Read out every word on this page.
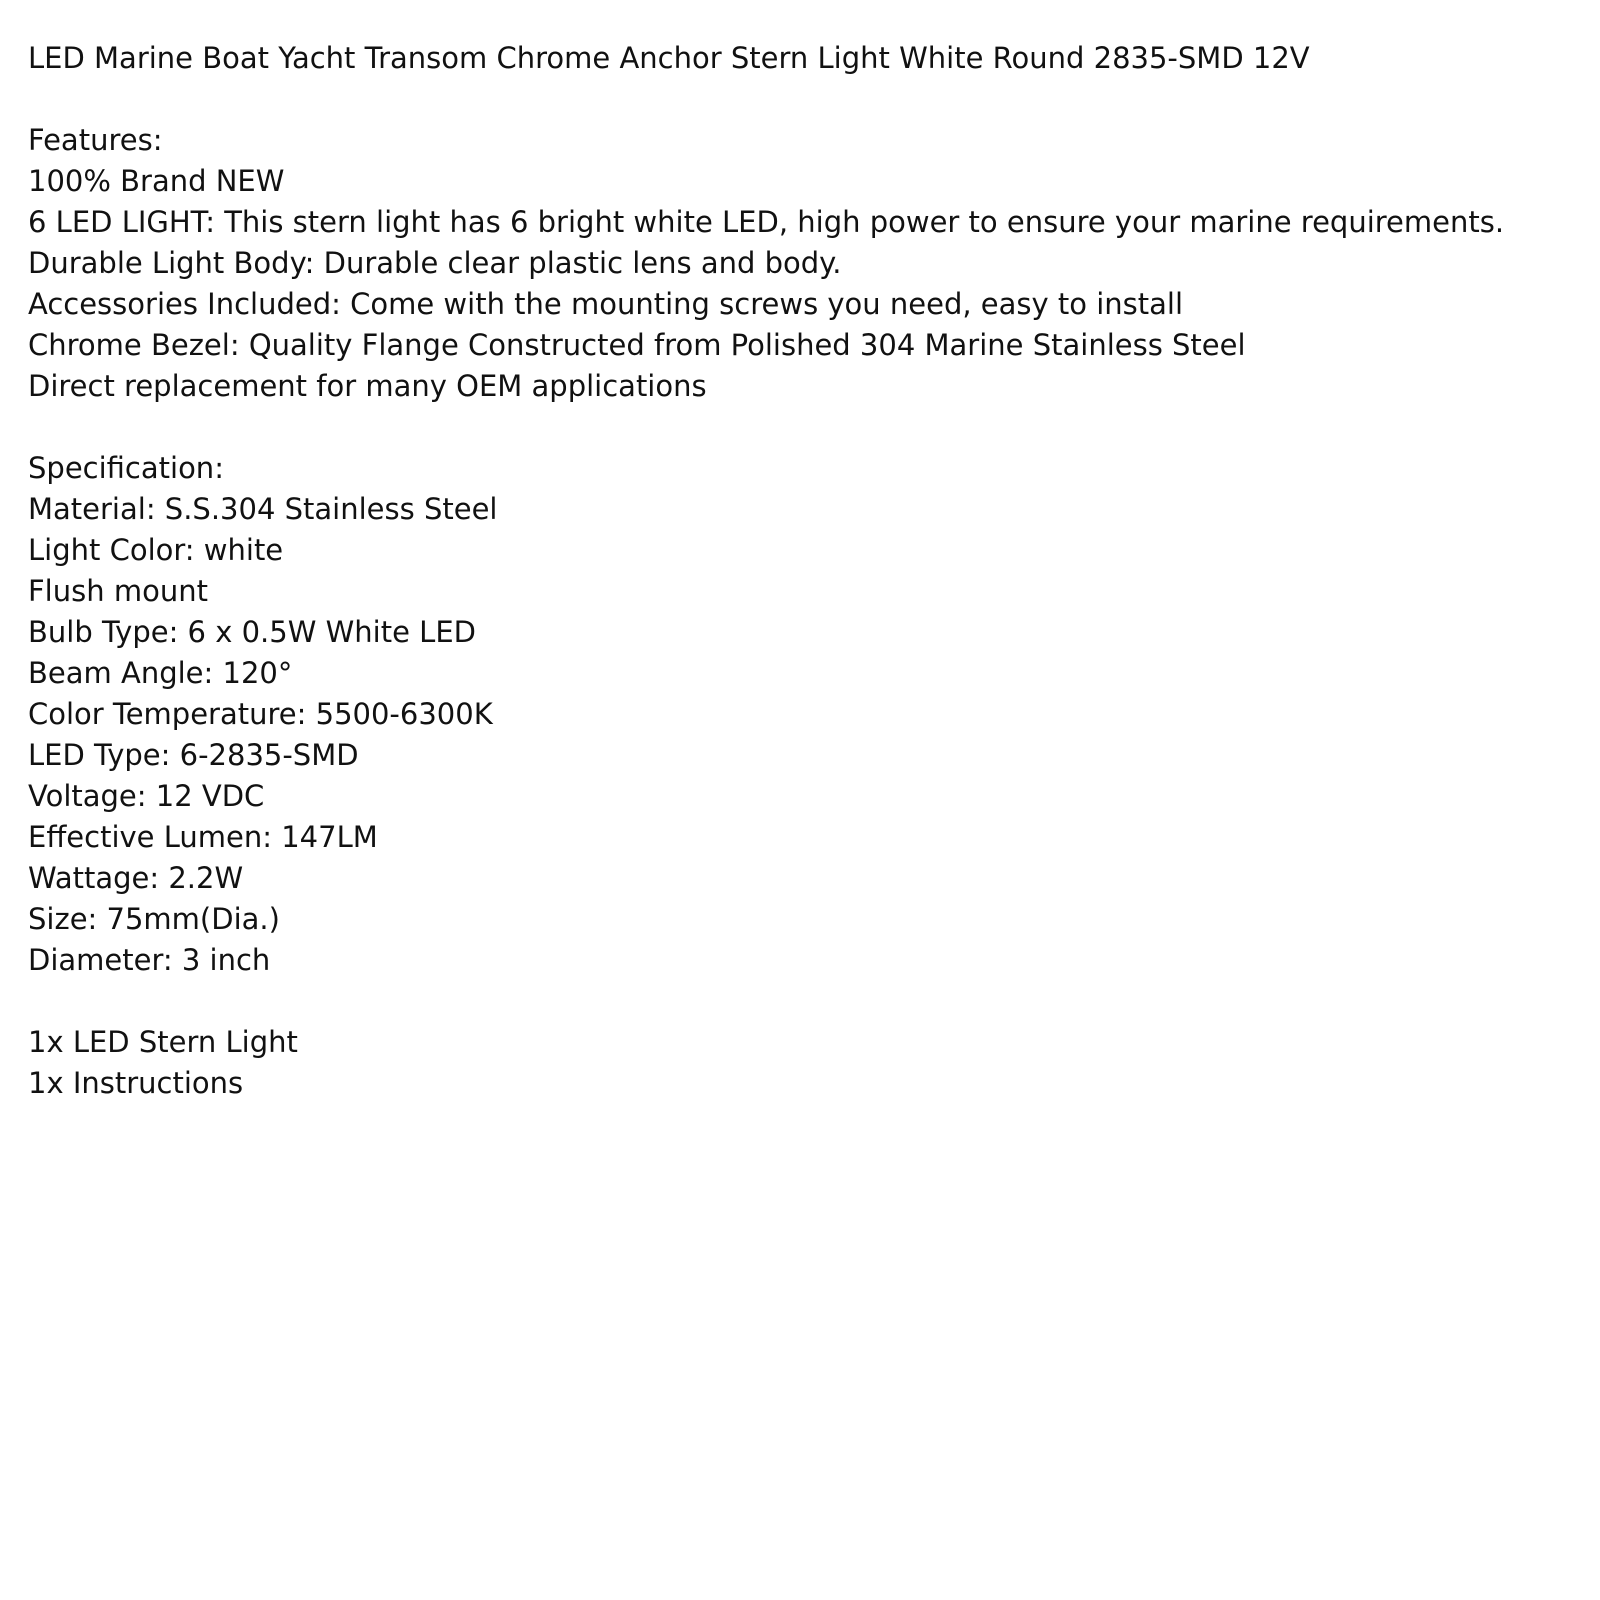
LED Marine Boat Yacht Transom Chrome Anchor Stern Light White Round 2835-SMD 12V
Features:
100% Brand NEW
6 LED LIGHT: This stern light has 6 bright white LED, high power to ensure your marine requirements.
Durable Light Body: Durable clear plastic lens and body.
Accessories Included: Come with the mounting screws you need, easy to install
Chrome Bezel: Quality Flange Constructed from Polished 304 Marine Stainless Steel
Direct replacement for many OEM applications
Specification:
Material: S.S.304 Stainless Steel
Light Color: white
Flush mount
Bulb Type: 6 x 0.5W White LED
Beam Angle: 120°
Color Temperature: 5500-6300K
LED Type: 6-2835-SMD
Voltage: 12 VDC
Effective Lumen: 147LM
Wattage: 2.2W
Size: 75mm(Dia.)
Diameter: 3 inch
1x LED Stern Light
1x Instructions
